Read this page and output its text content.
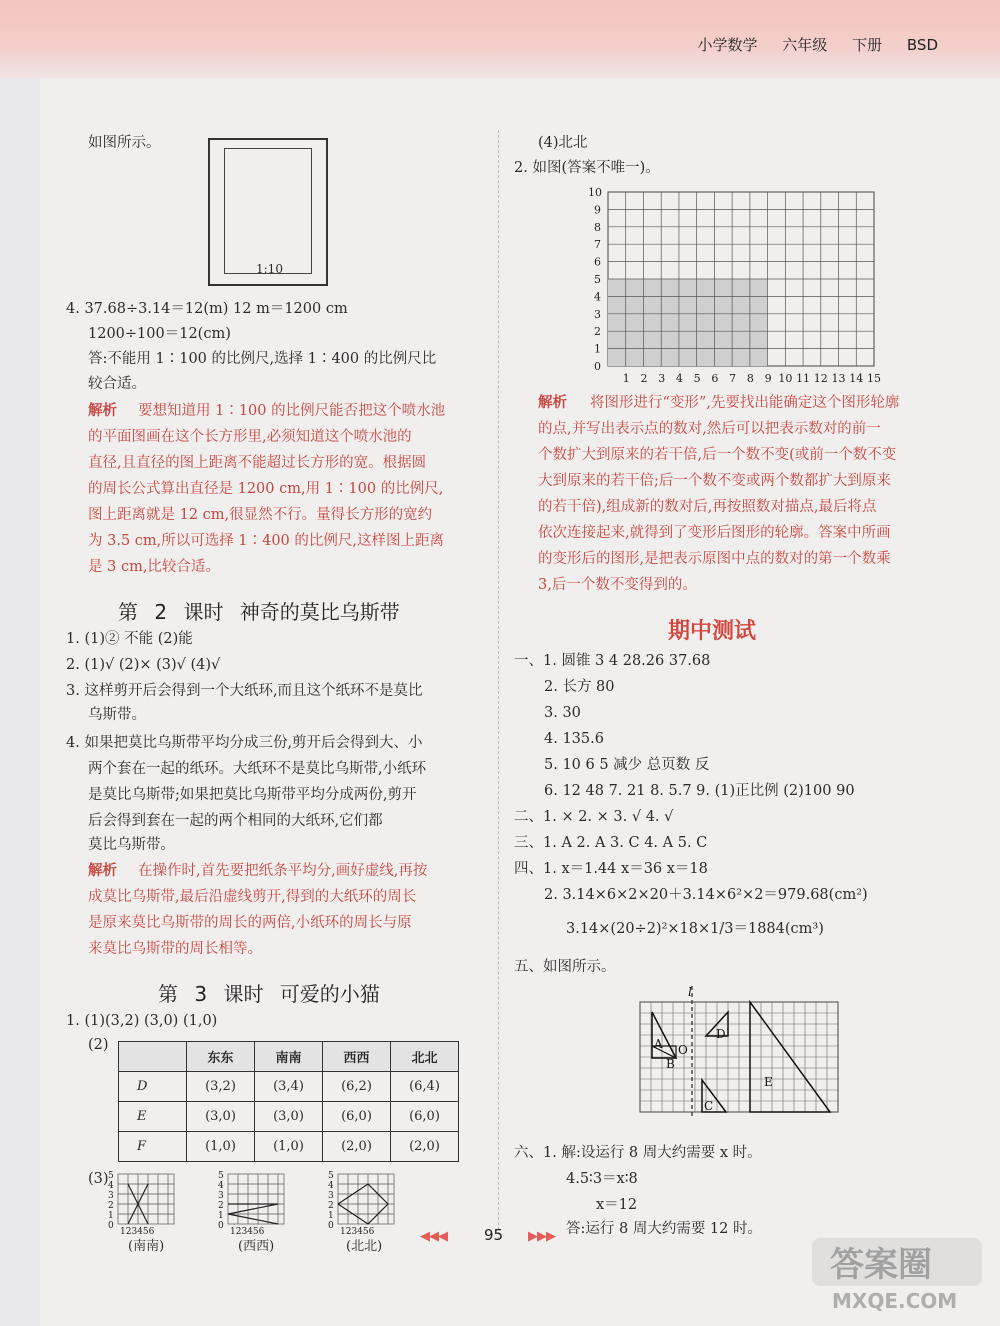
小学数学 六年级 下册 BSD
如图所示。
1:10
4. 37.68÷3.14＝12(m) 12 m＝1200 cm
1200÷100＝12(cm)
答:不能用 1∶100 的比例尺,选择 1∶400 的比例尺比
较合适。
解析 要想知道用 1∶100 的比例尺能否把这个喷水池
的平面图画在这个长方形里,必须知道这个喷水池的
直径,且直径的图上距离不能超过长方形的宽。根据圆
的周长公式算出直径是 1200 cm,用 1∶100 的比例尺,
图上距离就是 12 cm,很显然不行。量得长方形的宽约
为 3.5 cm,所以可选择 1∶400 的比例尺,这样图上距离
是 3 cm,比较合适。
第 2 课时 神奇的莫比乌斯带
1. (1)② 不能 (2)能
2. (1)√ (2)× (3)√ (4)√
3. 这样剪开后会得到一个大纸环,而且这个纸环不是莫比
乌斯带。
4. 如果把莫比乌斯带平均分成三份,剪开后会得到大、小
两个套在一起的纸环。大纸环不是莫比乌斯带,小纸环
是莫比乌斯带;如果把莫比乌斯带平均分成两份,剪开
后会得到套在一起的两个相同的大纸环,它们都
莫比乌斯带。
解析 在操作时,首先要把纸条平均分,画好虚线,再按
成莫比乌斯带,最后沿虚线剪开,得到的大纸环的周长
是原来莫比乌斯带的周长的两倍,小纸环的周长与原
来莫比乌斯带的周长相等。
第 3 课时 可爱的小猫
1. (1)(3,2) (3,0) (1,0)
(2)
	东东	南南	西西	北北
D	(3,2)	(3,4)	(6,2)	(6,4)
E	(3,0)	(3,0)	(6,0)	(6,0)
F	(1,0)	(1,0)	(2,0)	(2,0)
(3) 5
4
3
2
1
0
5
4
3
2
1
0
5
4
3
2
1
0
123456	123456	123456
(南南)	(西西)	(北北)
(4)北北
2. 如图(答案不唯一)。
10
9
8
7
6
5
4
3
2
1
0
1 2 3 4 5 6 7 8 9 10 11 12 13 14 15
解析 将图形进行“变形”,先要找出能确定这个图形轮廓
的点,并写出表示点的数对,然后可以把表示数对的前一
个数扩大到原来的若干倍,后一个数不变(或前一个数不变
大到原来的若干倍;后一个数不变或两个数都扩大到原来
的若干倍),组成新的数对后,再按照数对描点,最后将点
依次连接起来,就得到了变形后图形的轮廓。答案中所画
的变形后的图形,是把表示原图中点的数对的第一个数乘
3,后一个数不变得到的。
期中测试
一、1. 圆锥 3 4 28.26 37.68
2. 长方 80
3. 30
4. 135.6
5. 10 6 5 减少 总页数 反
6. 12 48 7. 21 8. 5.7 9. (1)正比例 (2)100 90
二、1. × 2. × 3. √ 4. √
三、1. A 2. A 3. C 4. A 5. C
四、1. x＝1.44 x＝36 x＝18
2. 3.14×6×2×20＋3.14×6²×2＝979.68(cm²)
3.14×(20÷2)²×18×1/3＝1884(cm³)
五、如图所示。
l
A
B
O
D
C
E
六、1. 解:设运行 8 周大约需要 x 时。
4.5∶3＝x∶8
x＝12
答:运行 8 周大约需要 12 时。
◀◀◀ 95 ▶▶▶
答案圈
MXQE.COM
